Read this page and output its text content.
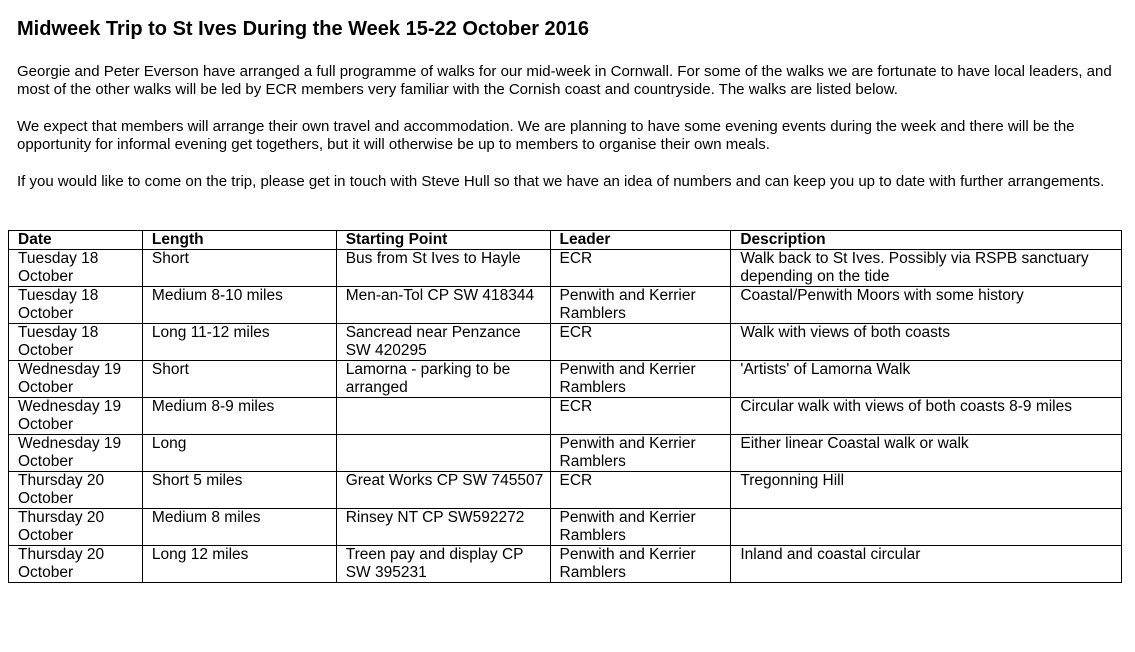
Midweek Trip to St Ives During the Week 15-22 October 2016

Georgie and Peter Everson have arranged a full programme of walks for our mid-week in Cornwall. For some of the walks we are fortunate to have local leaders, and most of the other walks will be led by ECR members very familiar with the Cornish coast and countryside. The walks are listed below.

We expect that members will arrange their own travel and accommodation. We are planning to have some evening events during the week and there will be the opportunity for informal evening get togethers, but it will otherwise be up to members to organise their own meals.

If you would like to come on the trip, please get in touch with Steve Hull so that we have an idea of numbers and can keep you up to date with further arrangements.

Date	Length	Starting Point	Leader	Description
Tuesday 18 October	Short	Bus from St Ives to Hayle	ECR	Walk back to St Ives. Possibly via RSPB sanctuary depending on the tide
Tuesday 18 October	Medium 8-10 miles	Men-an-Tol CP SW 418344	Penwith and Kerrier Ramblers	Coastal/Penwith Moors with some history
Tuesday 18 October	Long 11-12 miles	Sancread near Penzance SW 420295	ECR	Walk with views of both coasts
Wednesday 19 October	Short	Lamorna - parking to be arranged	Penwith and Kerrier Ramblers	'Artists' of Lamorna Walk
Wednesday 19 October	Medium 8-9 miles		ECR	Circular walk with views of both coasts 8-9 miles
Wednesday 19 October	Long		Penwith and Kerrier Ramblers	Either linear Coastal walk or walk
Thursday 20 October	Short 5 miles	Great Works CP SW 745507	ECR	Tregonning Hill
Thursday 20 October	Medium 8 miles	Rinsey NT CP SW592272	Penwith and Kerrier Ramblers	
Thursday 20 October	Long 12 miles	Treen pay and display CP SW 395231	Penwith and Kerrier Ramblers	Inland and coastal circular
